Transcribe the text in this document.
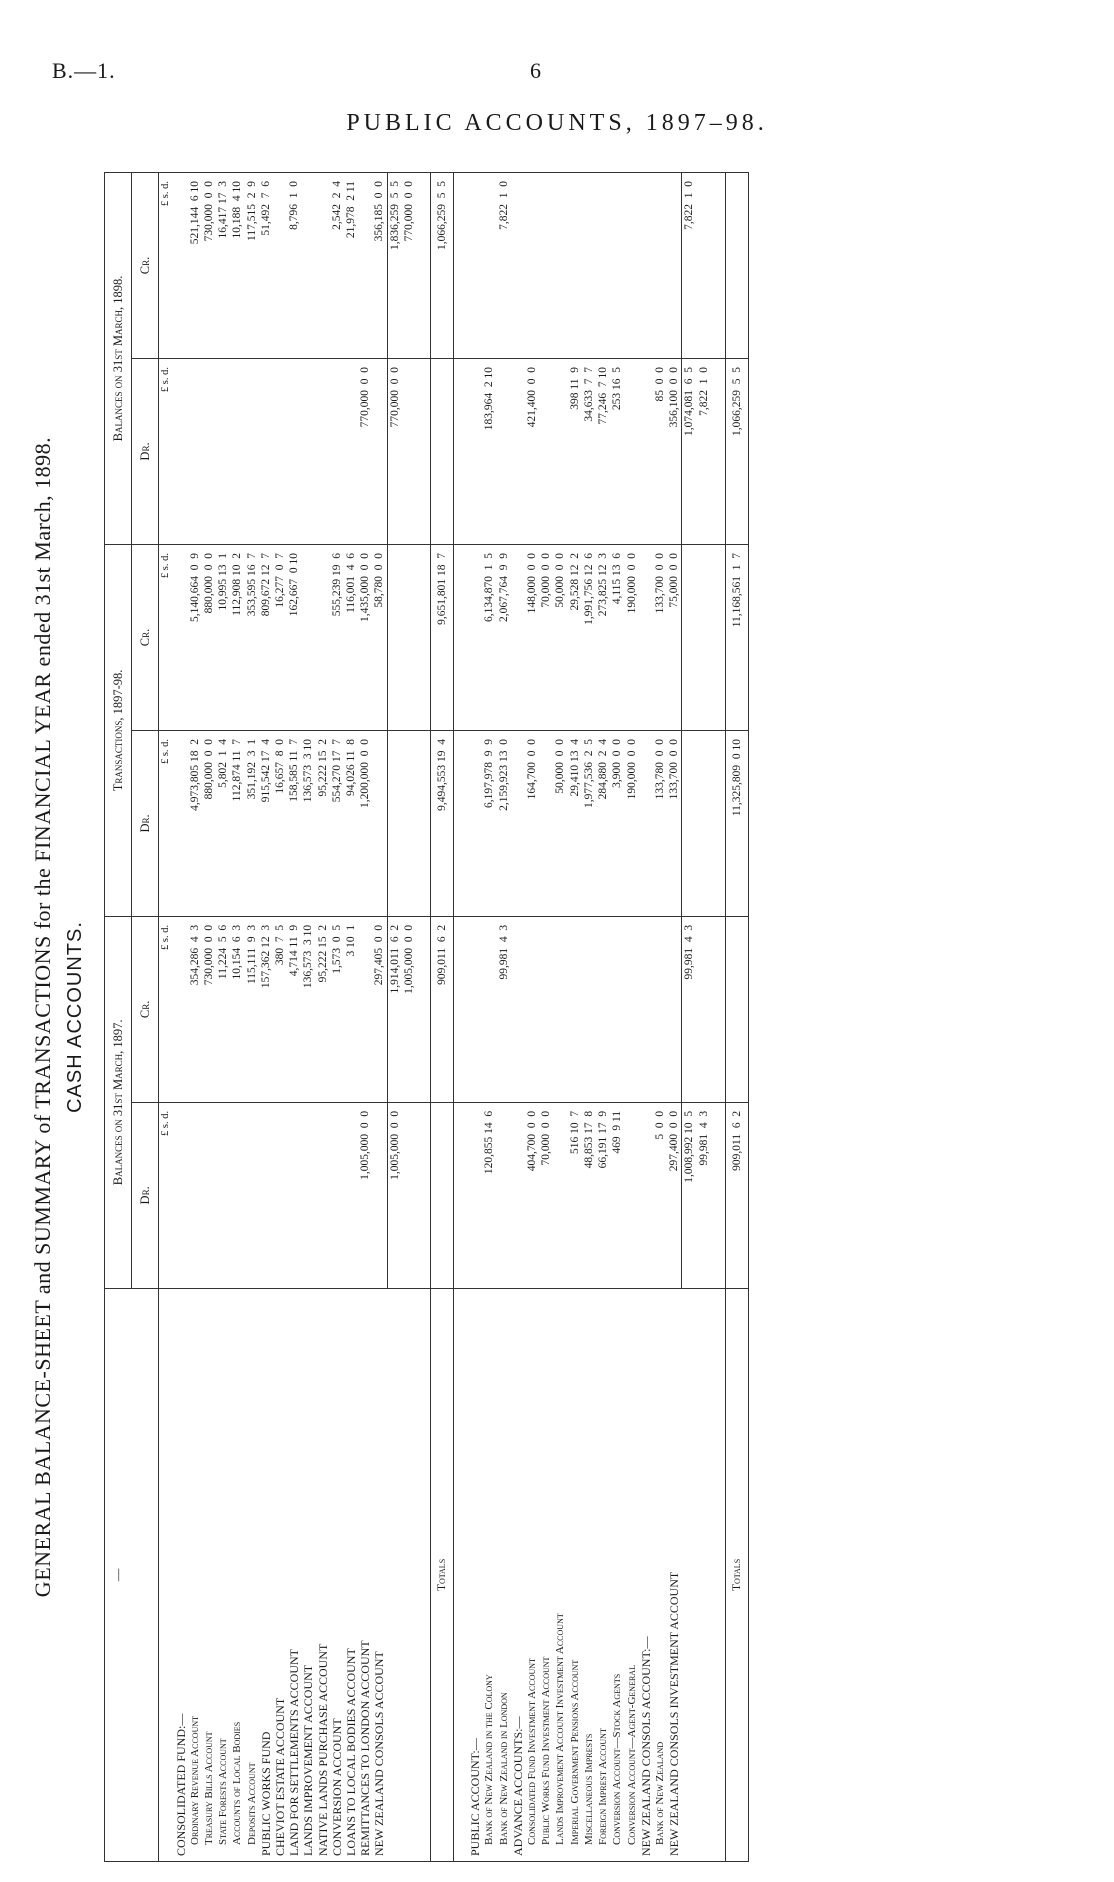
B.—1.	6
PUBLIC ACCOUNTS, 1897–98.
GENERAL BALANCE-SHEET and SUMMARY of TRANSACTIONS for the FINANCIAL YEAR ended 31st March, 1898. CASH ACCOUNTS.
—	Balances on 31st March, 1897.		Transactions, 1897-98.		Balances on 31st March, 1898.	
	Dr.	Cr.	Dr.	Cr.	Dr.	Cr.
	£ s. d.	£ s. d.	£ s. d.	£ s. d.	£ s. d.	£ s. d.
CONSOLIDATED FUND:—						
Ordinary Revenue Account		354,286  4  3	4,973,805 18  2	5,140,664  0  9		521,144  6 10
Treasury Bills Account		730,000  0  0	880,000  0  0	880,000  0  0		730,000  0  0
State Forests Account		11,224  5  6	5,802  1  4	10,995 13  1		16,417 17  3
Accounts of Local Bodies		10,154  6  3	112,874 11  7	112,908 10  2		10,188  4 10
Deposits Account		115,111  9  3	351,192  3  1	353,595 16  7		117,515  2  9
PUBLIC WORKS FUND		157,362 12  3	915,542 17  4	809,672 12  7		51,492  7  6
CHEVIOT ESTATE ACCOUNT		380  7  5	16,657  8  0	16,277  0  7		
LAND FOR SETTLEMENTS ACCOUNT		4,714 11  9	158,585 11  7	162,667  0 10		8,796  1  0
LANDS IMPROVEMENT ACCOUNT		136,573  3 10	136,573  3 10			
NATIVE LANDS PURCHASE ACCOUNT		95,222 15  2	95,222 15  2			
CONVERSION ACCOUNT		1,573  0  5	554,270 17  7	555,239 19  6		2,542  2  4
LOANS TO LOCAL BODIES ACCOUNT		3 10  1	94,026 11  8	116,001  4  6		21,978  2 11
REMITTANCES TO LONDON ACCOUNT	1,005,000  0  0		1,200,000  0  0	1,435,000  0  0	770,000  0  0	
NEW ZEALAND CONSOLS ACCOUNT		297,405  0  0		58,780  0  0		356,185  0  0
	1,005,000  0  0	1,914,011  6  2			770,000  0  0	1,836,259  5  5
		1,005,000  0  0				770,000  0  0

Totals		909,011  6  2	9,494,553 19  4	9,651,801 18  7		1,066,259  5  5

PUBLIC ACCOUNT:—						
Bank of New Zealand in the Colony	120,855 14  6		6,197,978  9  9	6,134,870  1  5	183,964  2 10	
Bank of New Zealand in London		99,981  4  3	2,159,923 13  0	2,067,764  9  9		7,822  1  0
ADVANCE ACCOUNTS:—						
Consolidated Fund Investment Account	404,700  0  0		164,700  0  0	148,000  0  0	421,400  0  0	
Public Works Fund Investment Account	70,000  0  0			70,000  0  0		
Lands Improvement Account Investment Account			50,000  0  0	50,000  0  0		
Imperial Government Pensions Account	516 10  7		29,410 13  4	29,528 12  2	398 11  9	
Miscellaneous Imprests	48,853 17  8		1,977,536  2  5	1,991,756 12  6	34,633  7  7	
Foreign Imprest Account	66,191 17  9		284,880  2  4	273,825 12  3	77,246  7 10	
Conversion Account—Stock Agents	469  9 11		3,900  0  0	4,115 13  6	253 16  5	
Conversion Account—Agent-General			190,000  0  0	190,000  0  0		
NEW ZEALAND CONSOLS ACCOUNT:—						
Bank of New Zealand	5  0  0		133,780  0  0	133,700  0  0	85  0  0	
NEW ZEALAND CONSOLS INVESTMENT ACCOUNT	297,400  0  0		133,700  0  0	75,000  0  0	356,100  0  0	
	1,008,992 10  5	99,981  4  3			1,074,081  6  5	7,822  1  0
	99,981  4  3				7,822  1  0	

Totals	909,011  6  2		11,325,809  0 10	11,168,561  1  7	1,066,259  5  5	
